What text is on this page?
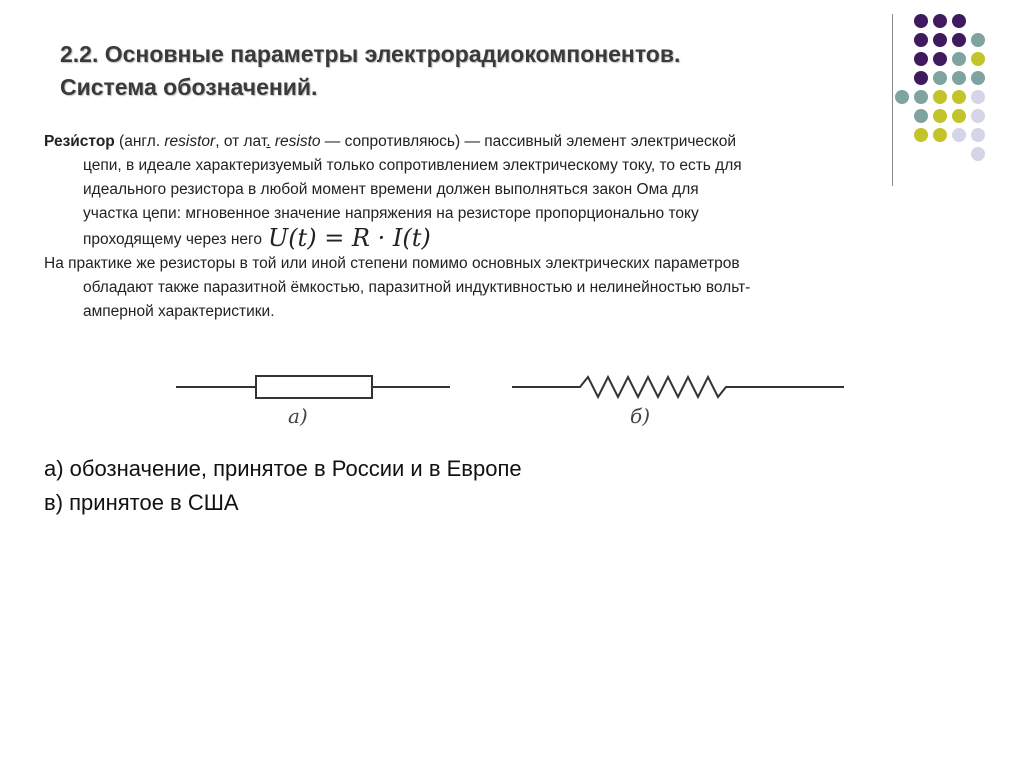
2.2. Основные параметры электрорадиокомпонентов.
Система обозначений.
Рези́стор (англ. resistor, от лат. resisto — сопротивляюсь) — пассивный элемент электрической
цепи, в идеале характеризуемый только сопротивлением электрическому току, то есть для
идеального резистора в любой момент времени должен выполняться закон Ома для
участка цепи: мгновенное значение напряжения на резисторе пропорционально току
проходящему через него U(t) = R · I(t)
На практике же резисторы в той или иной степени помимо основных электрических параметров
обладают также паразитной ёмкостью, паразитной индуктивностью и нелинейностью вольт-
амперной характеристики.
а)	б)
а) обозначение, принятое в России и в Европе
в) принятое в США
